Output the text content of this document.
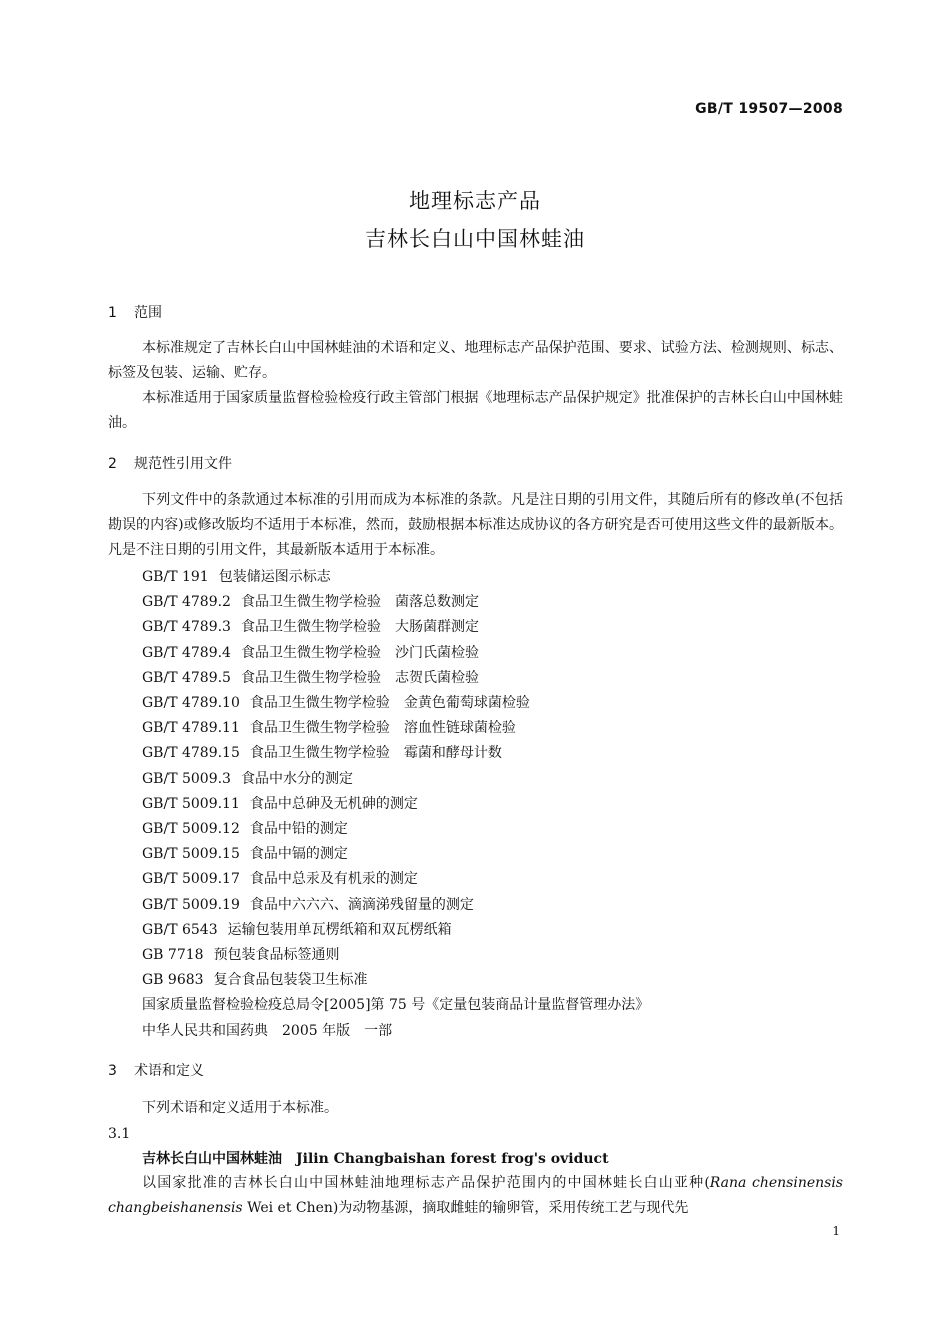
GB/T 19507—2008
地理标志产品
吉林长白山中国林蛙油
1 范围

本标准规定了吉林长白山中国林蛙油的术语和定义、地理标志产品保护范围、要求、试验方法、检测规则、标志、标签及包装、运输、贮存。

本标准适用于国家质量监督检验检疫行政主管部门根据《地理标志产品保护规定》批准保护的吉林长白山中国林蛙油。

2 规范性引用文件

下列文件中的条款通过本标准的引用而成为本标准的条款。凡是注日期的引用文件，其随后所有的修改单(不包括勘误的内容)或修改版均不适用于本标准，然而，鼓励根据本标准达成协议的各方研究是否可使用这些文件的最新版本。凡是不注日期的引用文件，其最新版本适用于本标准。

GB/T 191 包装储运图示标志
GB/T 4789.2 食品卫生微生物学检验　菌落总数测定
GB/T 4789.3 食品卫生微生物学检验　大肠菌群测定
GB/T 4789.4 食品卫生微生物学检验　沙门氏菌检验
GB/T 4789.5 食品卫生微生物学检验　志贺氏菌检验
GB/T 4789.10 食品卫生微生物学检验　金黄色葡萄球菌检验
GB/T 4789.11 食品卫生微生物学检验　溶血性链球菌检验
GB/T 4789.15 食品卫生微生物学检验　霉菌和酵母计数
GB/T 5009.3 食品中水分的测定
GB/T 5009.11 食品中总砷及无机砷的测定
GB/T 5009.12 食品中铅的测定
GB/T 5009.15 食品中镉的测定
GB/T 5009.17 食品中总汞及有机汞的测定
GB/T 5009.19 食品中六六六、滴滴涕残留量的测定
GB/T 6543 运输包装用单瓦楞纸箱和双瓦楞纸箱
GB 7718 预包装食品标签通则
GB 9683 复合食品包装袋卫生标准
国家质量监督检验检疫总局令[2005]第 75 号《定量包装商品计量监督管理办法》
中华人民共和国药典　2005 年版　一部
3 术语和定义

下列术语和定义适用于本标准。

3.1
吉林长白山中国林蛙油 Jilin Changbaishan forest frog's oviduct

以国家批准的吉林长白山中国林蛙油地理标志产品保护范围内的中国林蛙长白山亚种(Rana chensinensis changbeishanensis Wei et Chen)为动物基源，摘取雌蛙的输卵管，采用传统工艺与现代先

1
